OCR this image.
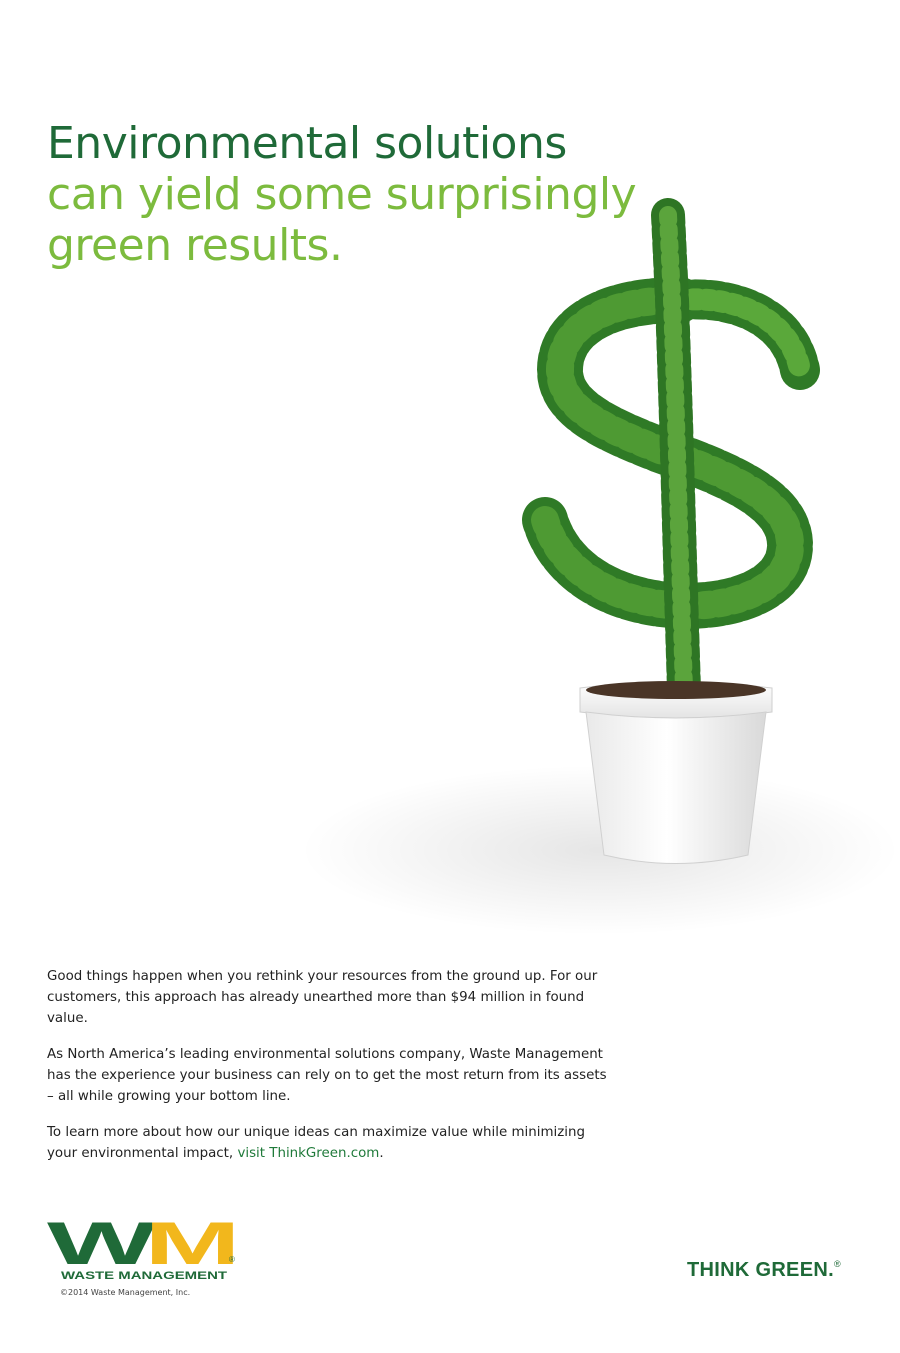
Environmental solutions
can yield some surprisingly
green results.

Good things happen when you rethink your resources from the ground up. For our customers, this approach has already unearthed more than $94 million in found value.

As North America’s leading environmental solutions company, Waste Management has the experience your business can rely on to get the most return from its assets – all while growing your bottom line.

To learn more about how our unique ideas can maximize value while minimizing your environmental impact, visit ThinkGreen.com.

W M	®
WASTE MANAGEMENT
©2014 Waste Management, Inc.
THINK GREEN.®
